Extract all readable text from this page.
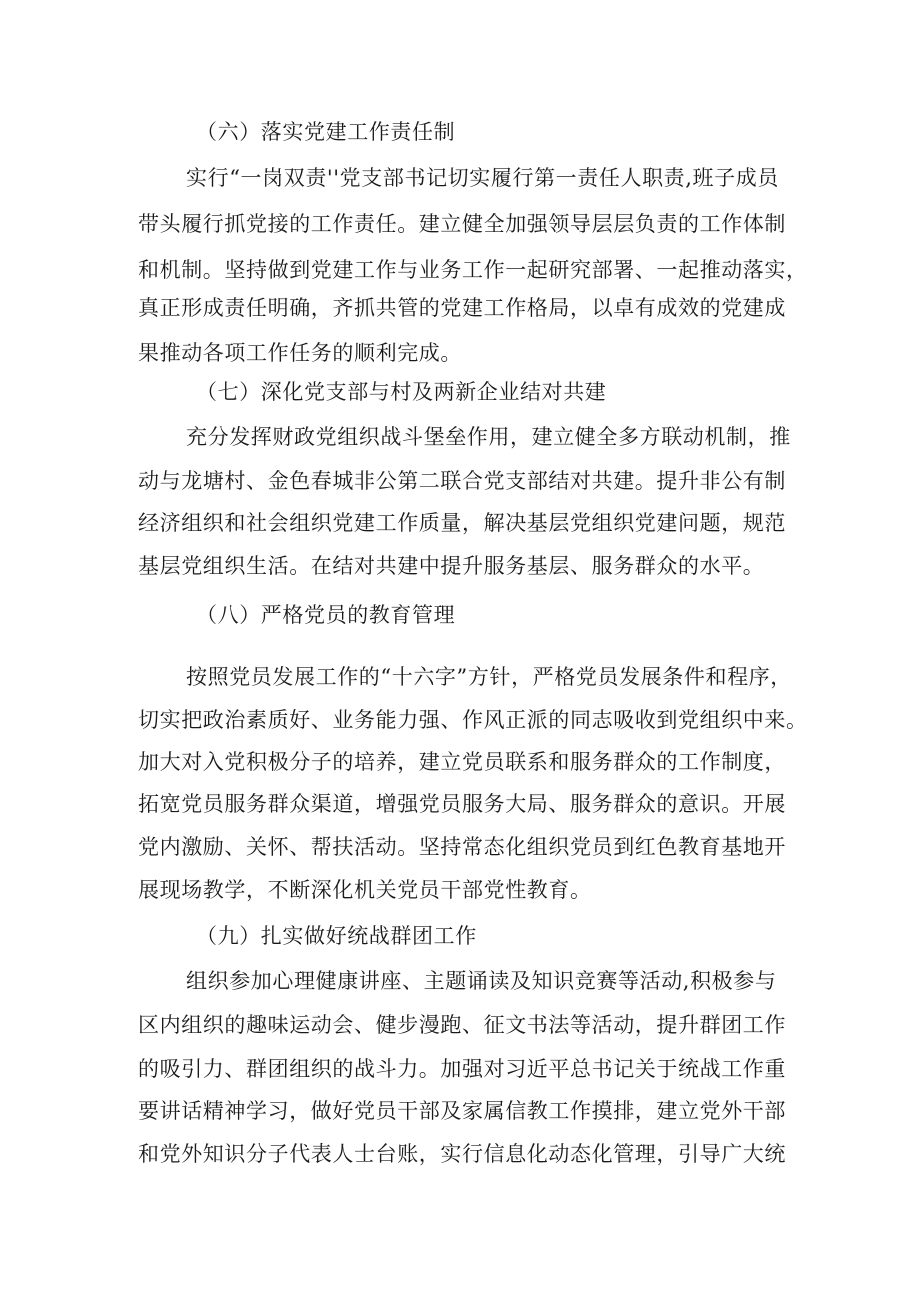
（六）落实党建工作责任制
实行“一岗双责''党支部书记切实履行第一责任人职责,班子成员
带头履行抓党接的工作责任。建立健全加强领导层层负责的工作体制
和机制。坚持做到党建工作与业务工作一起研究部署、一起推动落实，
真正形成责任明确，齐抓共管的党建工作格局，以卓有成效的党建成
果推动各项工作任务的顺利完成。
（七）深化党支部与村及两新企业结对共建
充分发挥财政党组织战斗堡垒作用，建立健全多方联动机制，推
动与龙塘村、金色春城非公第二联合党支部结对共建。提升非公有制
经济组织和社会组织党建工作质量，解决基层党组织党建问题，规范
基层党组织生活。在结对共建中提升服务基层、服务群众的水平。
（八）严格党员的教育管理
按照党员发展工作的“十六字”方针，严格党员发展条件和程序，
切实把政治素质好、业务能力强、作风正派的同志吸收到党组织中来。
加大对入党积极分子的培养，建立党员联系和服务群众的工作制度，
拓宽党员服务群众渠道，增强党员服务大局、服务群众的意识。开展
党内激励、关怀、帮扶活动。坚持常态化组织党员到红色教育基地开
展现场教学，不断深化机关党员干部党性教育。
（九）扎实做好统战群团工作
组织参加心理健康讲座、主题诵读及知识竞赛等活动,积极参与
区内组织的趣味运动会、健步漫跑、征文书法等活动，提升群团工作
的吸引力、群团组织的战斗力。加强对习近平总书记关于统战工作重
要讲话精神学习，做好党员干部及家属信教工作摸排，建立党外干部
和党外知识分子代表人士台账，实行信息化动态化管理，引导广大统
